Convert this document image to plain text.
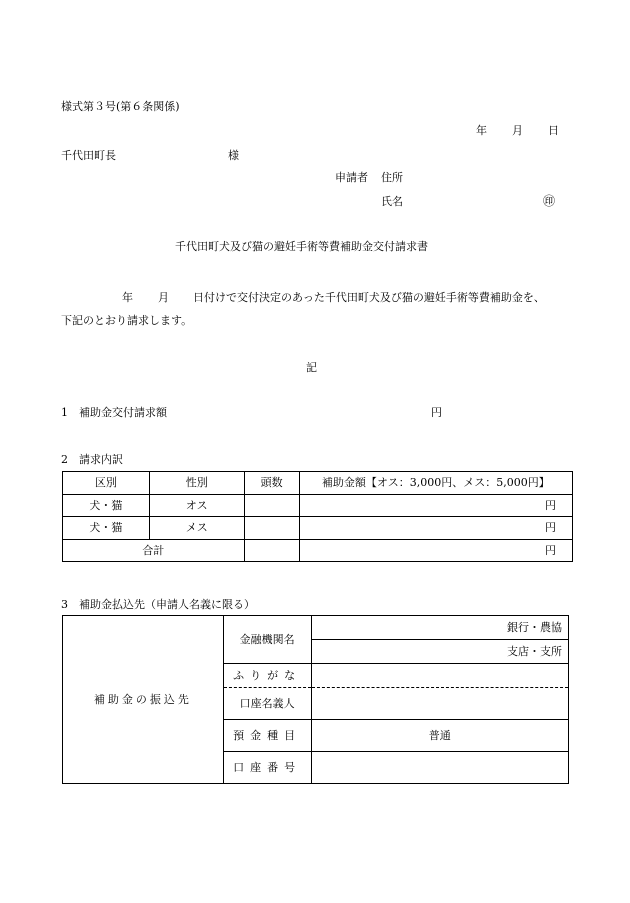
様式第３号(第６条関係)
年 月 日
千代田町長	様
申請者 住所
氏名	㊞
千代田町犬及び猫の避妊手術等費補助金交付請求書
年 月 日付けで交付決定のあった千代田町犬及び猫の避妊手術等費補助金を、
下記のとおり請求します。
記
1　補助金交付請求額	円
2　請求内訳
区別	性別	頭数	補助金額【オス：3,000円、メス：5,000円】
犬・猫	オス		円
犬・猫	メス		円
合計			円
3　補助金払込先（申請人名義に限る）
補助金の振込先	金融機関名	銀行・農協
		支店・支所
	ふりがな	
	口座名義人	
	預金種目	普通
	口座番号	
